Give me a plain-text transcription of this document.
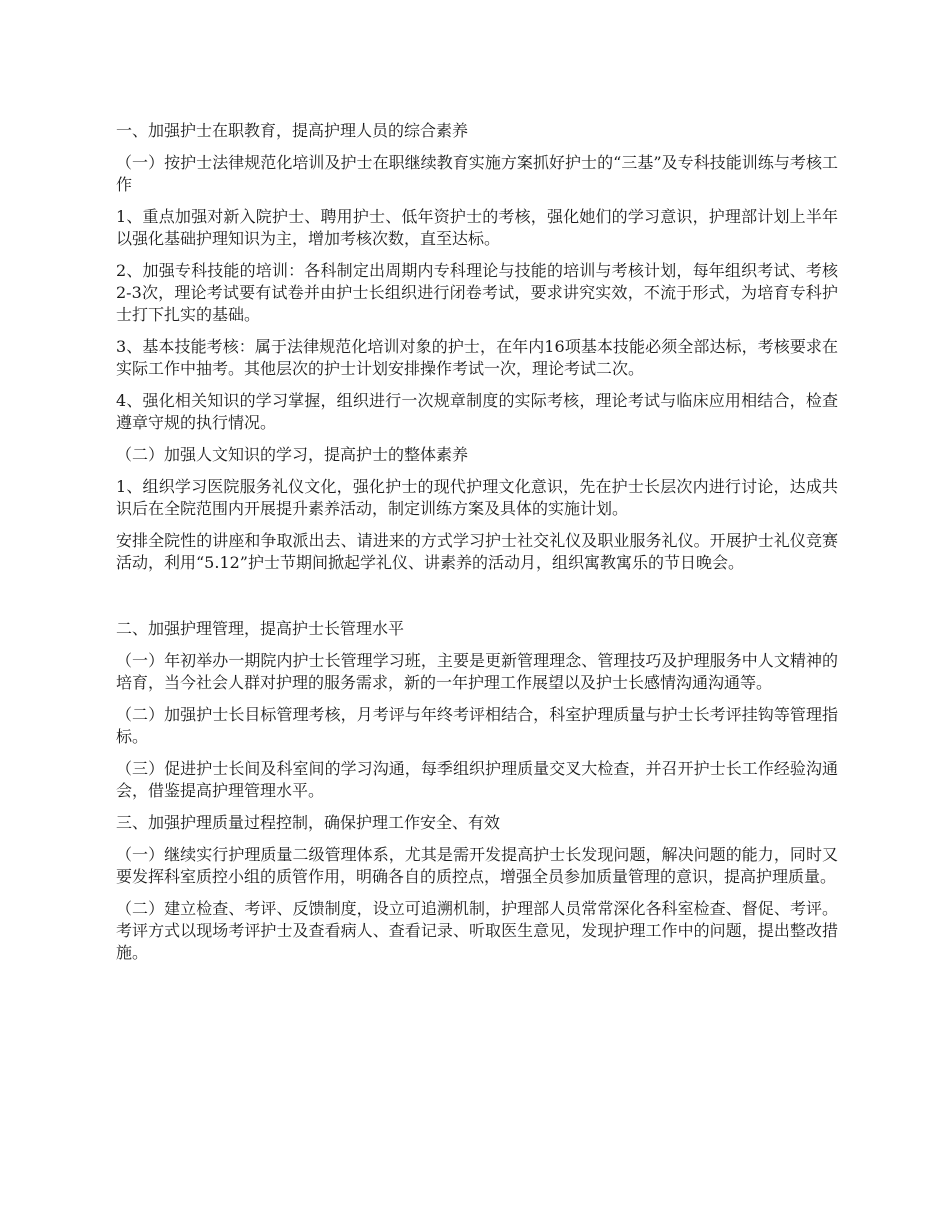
一、加强护士在职教育，提高护理人员的综合素养

（一）按护士法律规范化培训及护士在职继续教育实施方案抓好护士的“三基”及专科技能训练与考核工作

1、重点加强对新入院护士、聘用护士、低年资护士的考核，强化她们的学习意识，护理部计划上半年以强化基础护理知识为主，增加考核次数，直至达标。

2、加强专科技能的培训：各科制定出周期内专科理论与技能的培训与考核计划，每年组织考试、考核2-3次，理论考试要有试卷并由护士长组织进行闭卷考试，要求讲究实效，不流于形式，为培育专科护士打下扎实的基础。

3、基本技能考核：属于法律规范化培训对象的护士，在年内16项基本技能必须全部达标，考核要求在实际工作中抽考。其他层次的护士计划安排操作考试一次，理论考试二次。

4、强化相关知识的学习掌握，组织进行一次规章制度的实际考核，理论考试与临床应用相结合，检查遵章守规的执行情况。

（二）加强人文知识的学习，提高护士的整体素养

1、组织学习医院服务礼仪文化，强化护士的现代护理文化意识，先在护士长层次内进行讨论，达成共识后在全院范围内开展提升素养活动，制定训练方案及具体的实施计划。

安排全院性的讲座和争取派出去、请进来的方式学习护士社交礼仪及职业服务礼仪。开展护士礼仪竞赛活动，利用“5.12”护士节期间掀起学礼仪、讲素养的活动月，组织寓教寓乐的节日晚会。

二、加强护理管理，提高护士长管理水平

（一）年初举办一期院内护士长管理学习班，主要是更新管理理念、管理技巧及护理服务中人文精神的培育，当今社会人群对护理的服务需求，新的一年护理工作展望以及护士长感情沟通沟通等。

（二）加强护士长目标管理考核，月考评与年终考评相结合，科室护理质量与护士长考评挂钩等管理指标。

（三）促进护士长间及科室间的学习沟通，每季组织护理质量交叉大检查，并召开护士长工作经验沟通会，借鉴提高护理管理水平。

三、加强护理质量过程控制，确保护理工作安全、有效

（一）继续实行护理质量二级管理体系，尤其是需开发提高护士长发现问题，解决问题的能力，同时又要发挥科室质控小组的质管作用，明确各自的质控点，增强全员参加质量管理的意识，提高护理质量。

（二）建立检查、考评、反馈制度，设立可追溯机制，护理部人员常常深化各科室检查、督促、考评。考评方式以现场考评护士及查看病人、查看记录、听取医生意见，发现护理工作中的问题，提出整改措施。
